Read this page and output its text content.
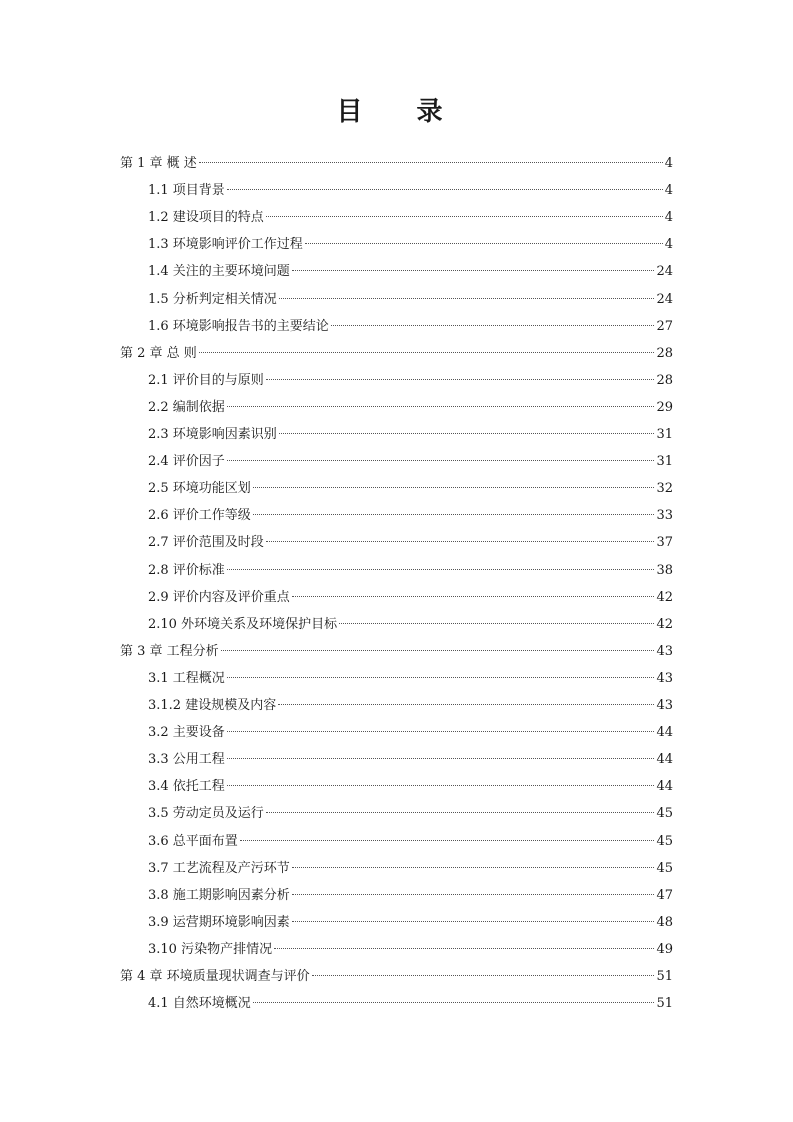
目　录
第 1 章 概 述	4
1.1 项目背景	4
1.2 建设项目的特点	4
1.3 环境影响评价工作过程	4
1.4 关注的主要环境问题	24
1.5 分析判定相关情况	24
1.6 环境影响报告书的主要结论	27
第 2 章 总 则	28
2.1 评价目的与原则	28
2.2 编制依据	29
2.3 环境影响因素识别	31
2.4 评价因子	31
2.5 环境功能区划	32
2.6 评价工作等级	33
2.7 评价范围及时段	37
2.8 评价标准	38
2.9 评价内容及评价重点	42
2.10 外环境关系及环境保护目标	42
第 3 章 工程分析	43
3.1 工程概况	43
3.1.2 建设规模及内容	43
3.2 主要设备	44
3.3 公用工程	44
3.4 依托工程	44
3.5 劳动定员及运行	45
3.6 总平面布置	45
3.7 工艺流程及产污环节	45
3.8 施工期影响因素分析	47
3.9 运营期环境影响因素	48
3.10 污染物产排情况	49
第 4 章 环境质量现状调查与评价	51
4.1 自然环境概况	51
